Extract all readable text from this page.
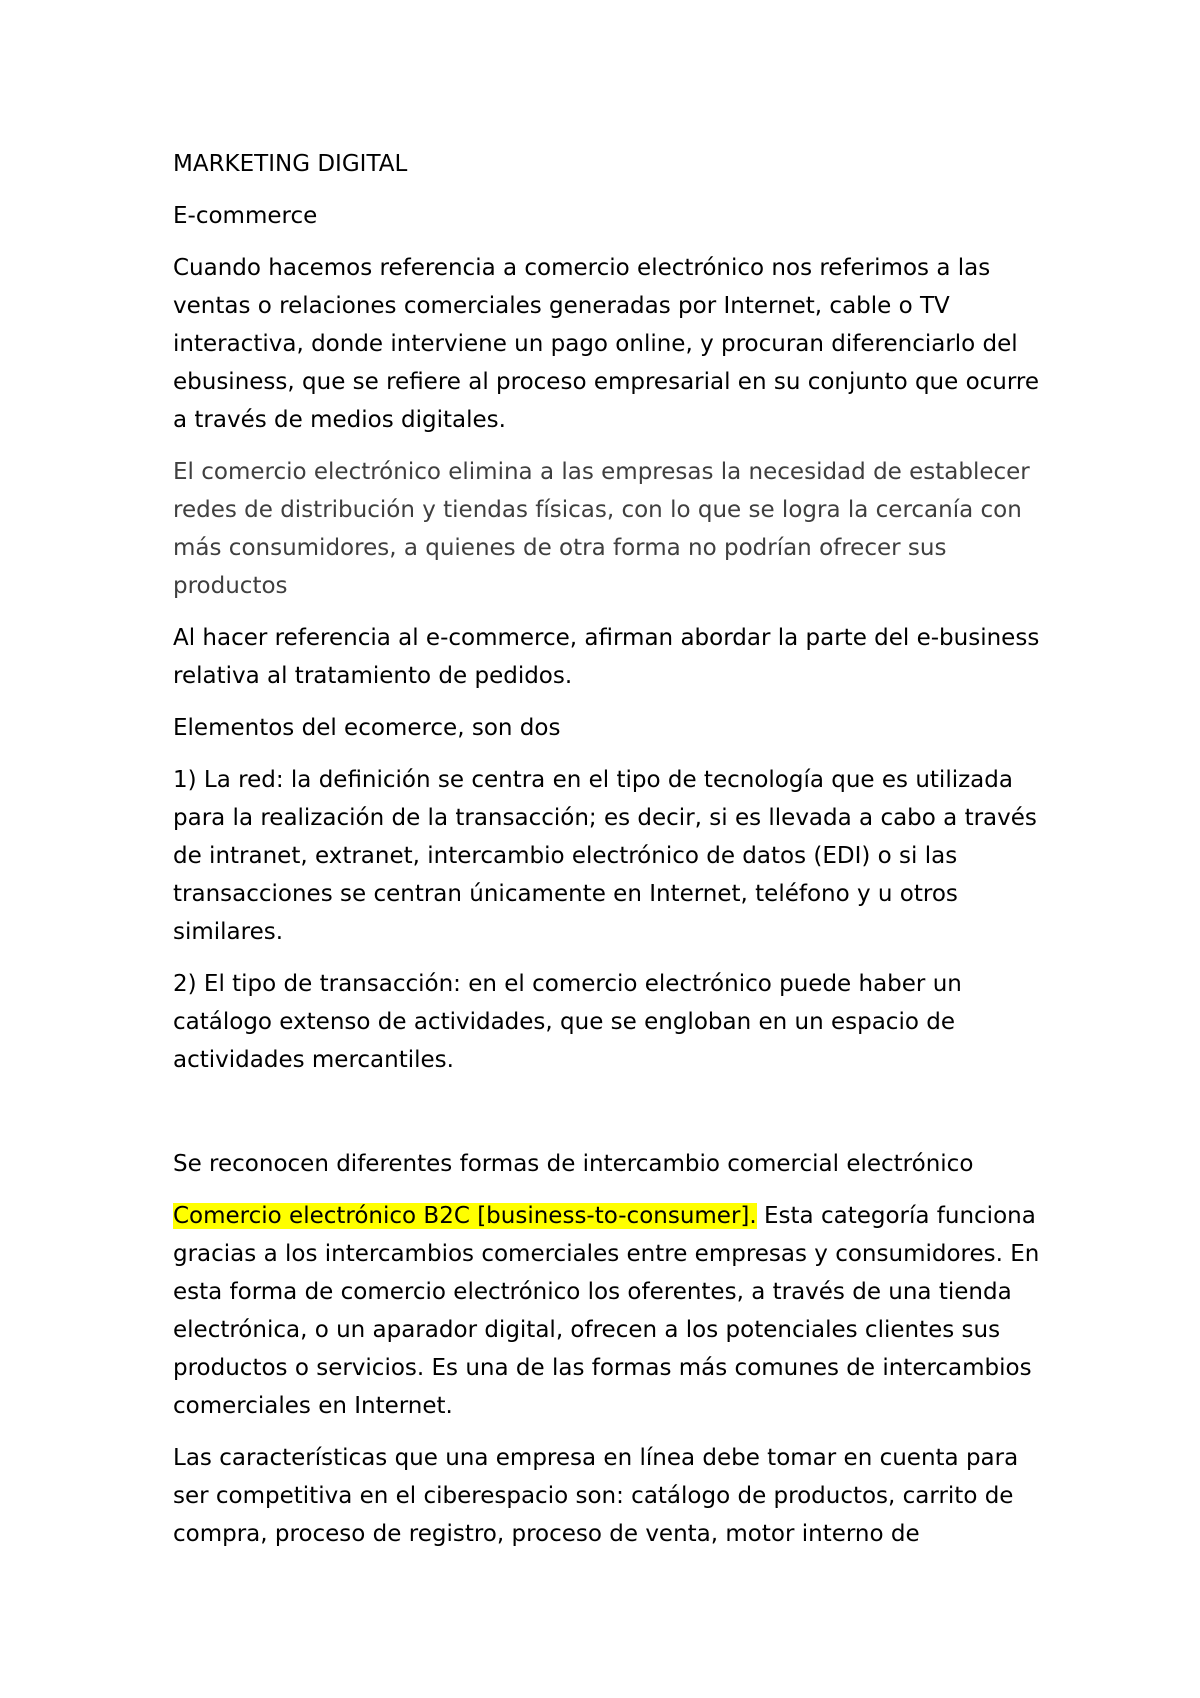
MARKETING DIGITAL

E-commerce

Cuando hacemos referencia a comercio electrónico nos referimos a las ventas o relaciones comerciales generadas por Internet, cable o TV interactiva, donde interviene un pago online, y procuran diferenciarlo del ebusiness, que se refiere al proceso empresarial en su conjunto que ocurre a través de medios digitales.

El comercio electrónico elimina a las empresas la necesidad de establecer redes de distribución y tiendas físicas, con lo que se logra la cercanía con más consumidores, a quienes de otra forma no podrían ofrecer sus productos

Al hacer referencia al e-commerce, afirman abordar la parte del e-business relativa al tratamiento de pedidos.

Elementos del ecomerce, son dos

1) La red: la definición se centra en el tipo de tecnología que es utilizada para la realización de la transacción; es decir, si es llevada a cabo a través de intranet, extranet, intercambio electrónico de datos (EDI) o si las transacciones se centran únicamente en Internet, teléfono y u otros similares.

2) El tipo de transacción: en el comercio electrónico puede haber un catálogo extenso de actividades, que se engloban en un espacio de actividades mercantiles.

Se reconocen diferentes formas de intercambio comercial electrónico

Comercio electrónico B2C [business-to-consumer]. Esta categoría funciona gracias a los intercambios comerciales entre empresas y consumidores. En esta forma de comercio electrónico los oferentes, a través de una tienda electrónica, o un aparador digital, ofrecen a los potenciales clientes sus productos o servicios. Es una de las formas más comunes de intercambios comerciales en Internet.

Las características que una empresa en línea debe tomar en cuenta para ser competitiva en el ciberespacio son: catálogo de productos, carrito de compra, proceso de registro, proceso de venta, motor interno de
